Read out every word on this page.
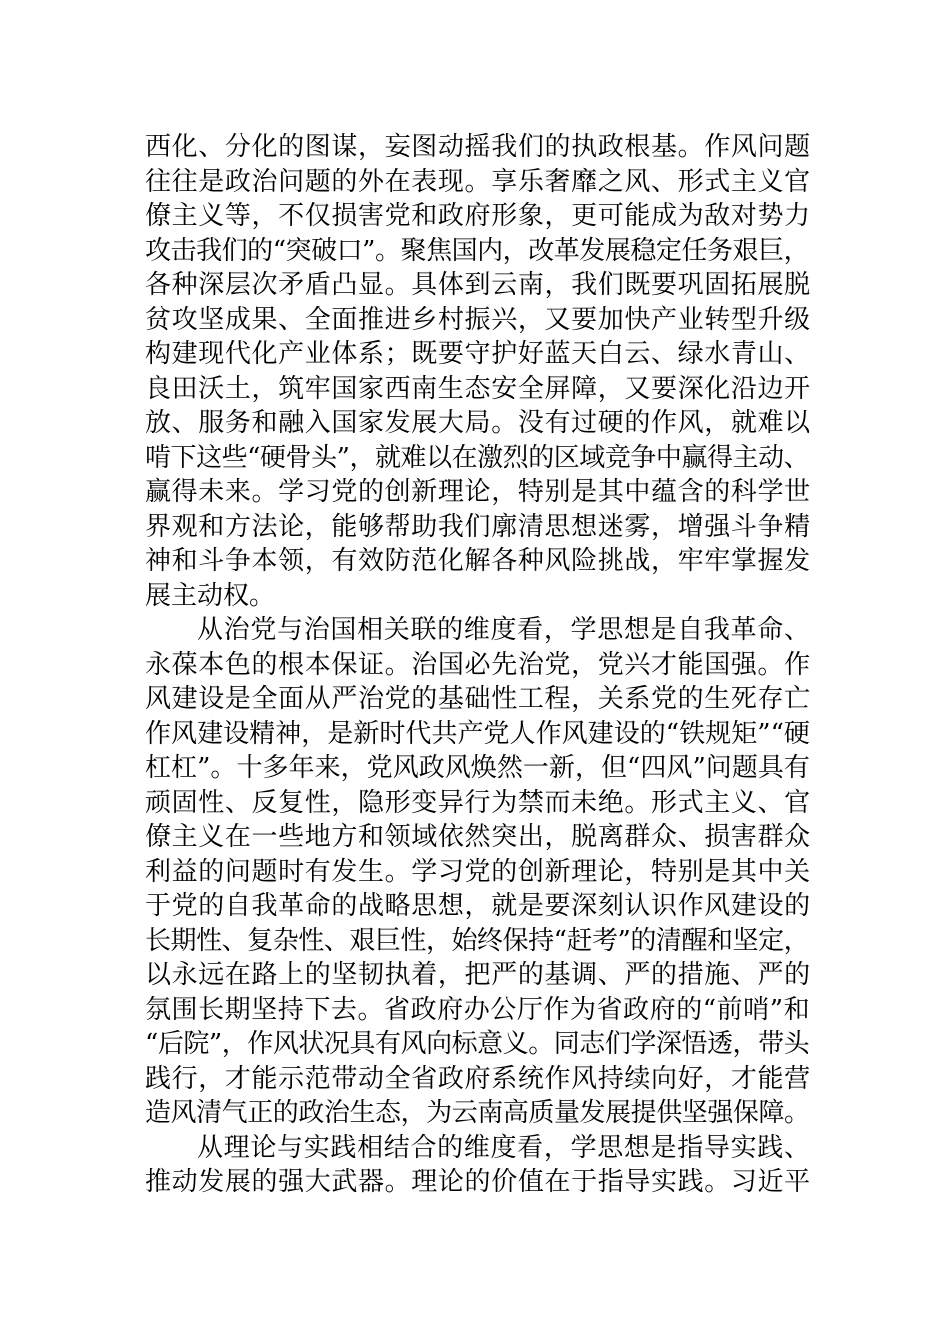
西化、分化的图谋，妄图动摇我们的执政根基。作风问题
往往是政治问题的外在表现。享乐奢靡之风、形式主义官
僚主义等，不仅损害党和政府形象，更可能成为敌对势力
攻击我们的“突破口”。聚焦国内，改革发展稳定任务艰巨，
各种深层次矛盾凸显。具体到云南，我们既要巩固拓展脱
贫攻坚成果、全面推进乡村振兴，又要加快产业转型升级
构建现代化产业体系；既要守护好蓝天白云、绿水青山、
良田沃土，筑牢国家西南生态安全屏障，又要深化沿边开
放、服务和融入国家发展大局。没有过硬的作风，就难以
啃下这些“硬骨头”，就难以在激烈的区域竞争中赢得主动、
赢得未来。学习党的创新理论，特别是其中蕴含的科学世
界观和方法论，能够帮助我们廓清思想迷雾，增强斗争精
神和斗争本领，有效防范化解各种风险挑战，牢牢掌握发
展主动权。
从治党与治国相关联的维度看，学思想是自我革命、
永葆本色的根本保证。治国必先治党，党兴才能国强。作
风建设是全面从严治党的基础性工程，关系党的生死存亡
作风建设精神，是新时代共产党人作风建设的“铁规矩”“硬
杠杠”。十多年来，党风政风焕然一新，但“四风”问题具有
顽固性、反复性，隐形变异行为禁而未绝。形式主义、官
僚主义在一些地方和领域依然突出，脱离群众、损害群众
利益的问题时有发生。学习党的创新理论，特别是其中关
于党的自我革命的战略思想，就是要深刻认识作风建设的
长期性、复杂性、艰巨性，始终保持“赶考”的清醒和坚定，
以永远在路上的坚韧执着，把严的基调、严的措施、严的
氛围长期坚持下去。省政府办公厅作为省政府的“前哨”和
“后院”，作风状况具有风向标意义。同志们学深悟透，带头
践行，才能示范带动全省政府系统作风持续向好，才能营
造风清气正的政治生态，为云南高质量发展提供坚强保障。
从理论与实践相结合的维度看，学思想是指导实践、
推动发展的强大武器。理论的价值在于指导实践。习近平
